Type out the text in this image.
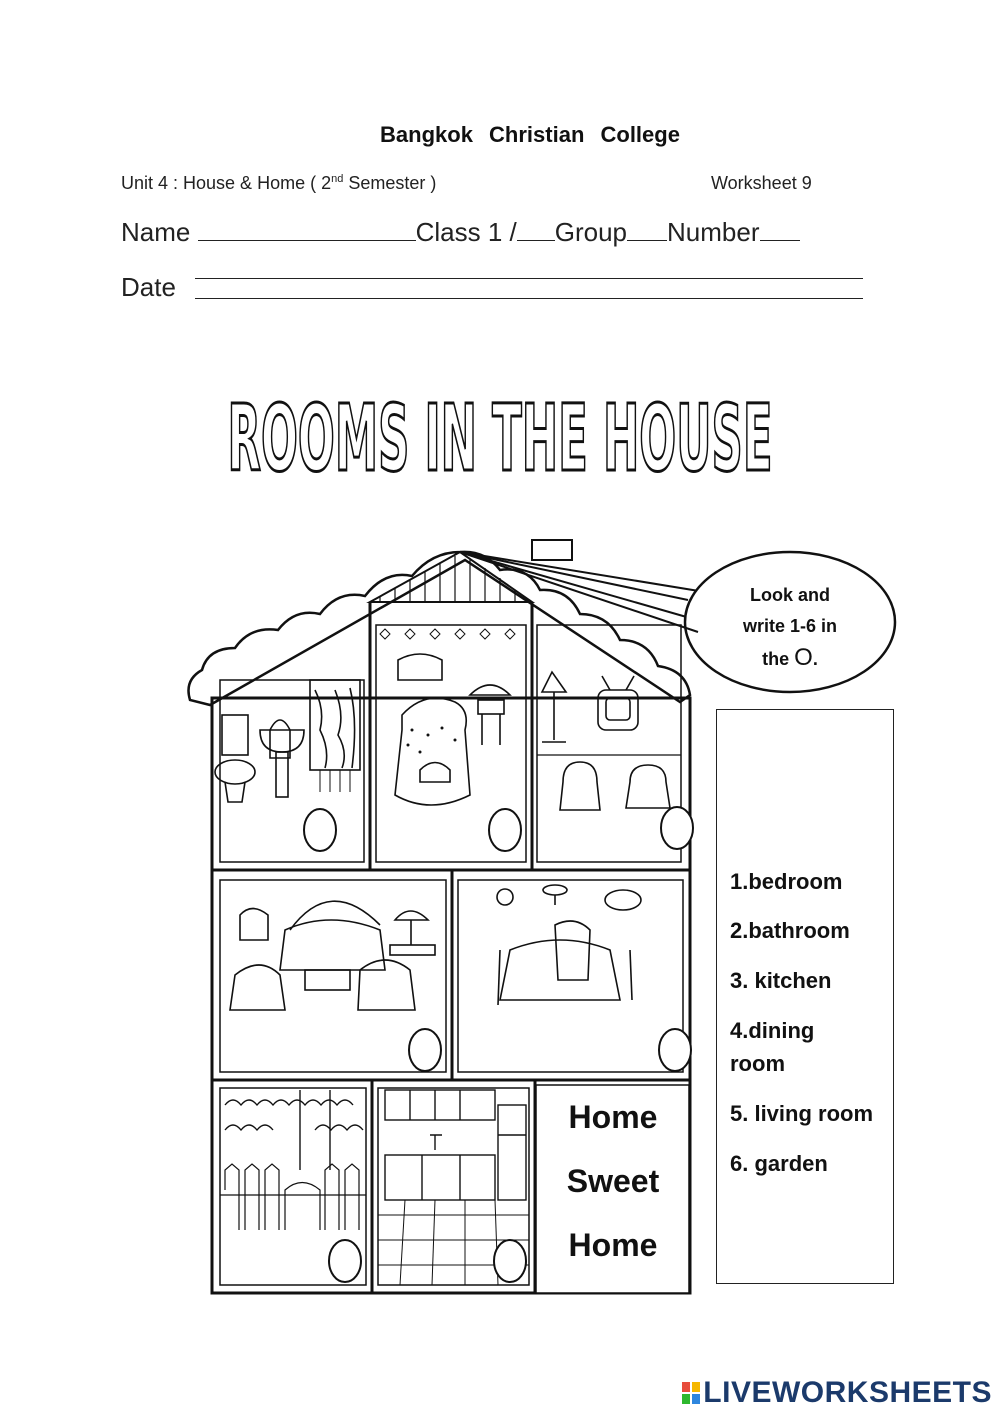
Bangkok Christian College
Unit 4 : House & Home ( 2nd Semester )	Worksheet 9
Name	Class 1 / Group Number
Date
ROOMS IN THE HOUSE
Look and
write 1-6 in
the O.
1.bedroom
2.bathroom
3. kitchen
4.dining room
5. living room
6. garden
Home
Sweet
Home
LIVEWORKSHEETS
